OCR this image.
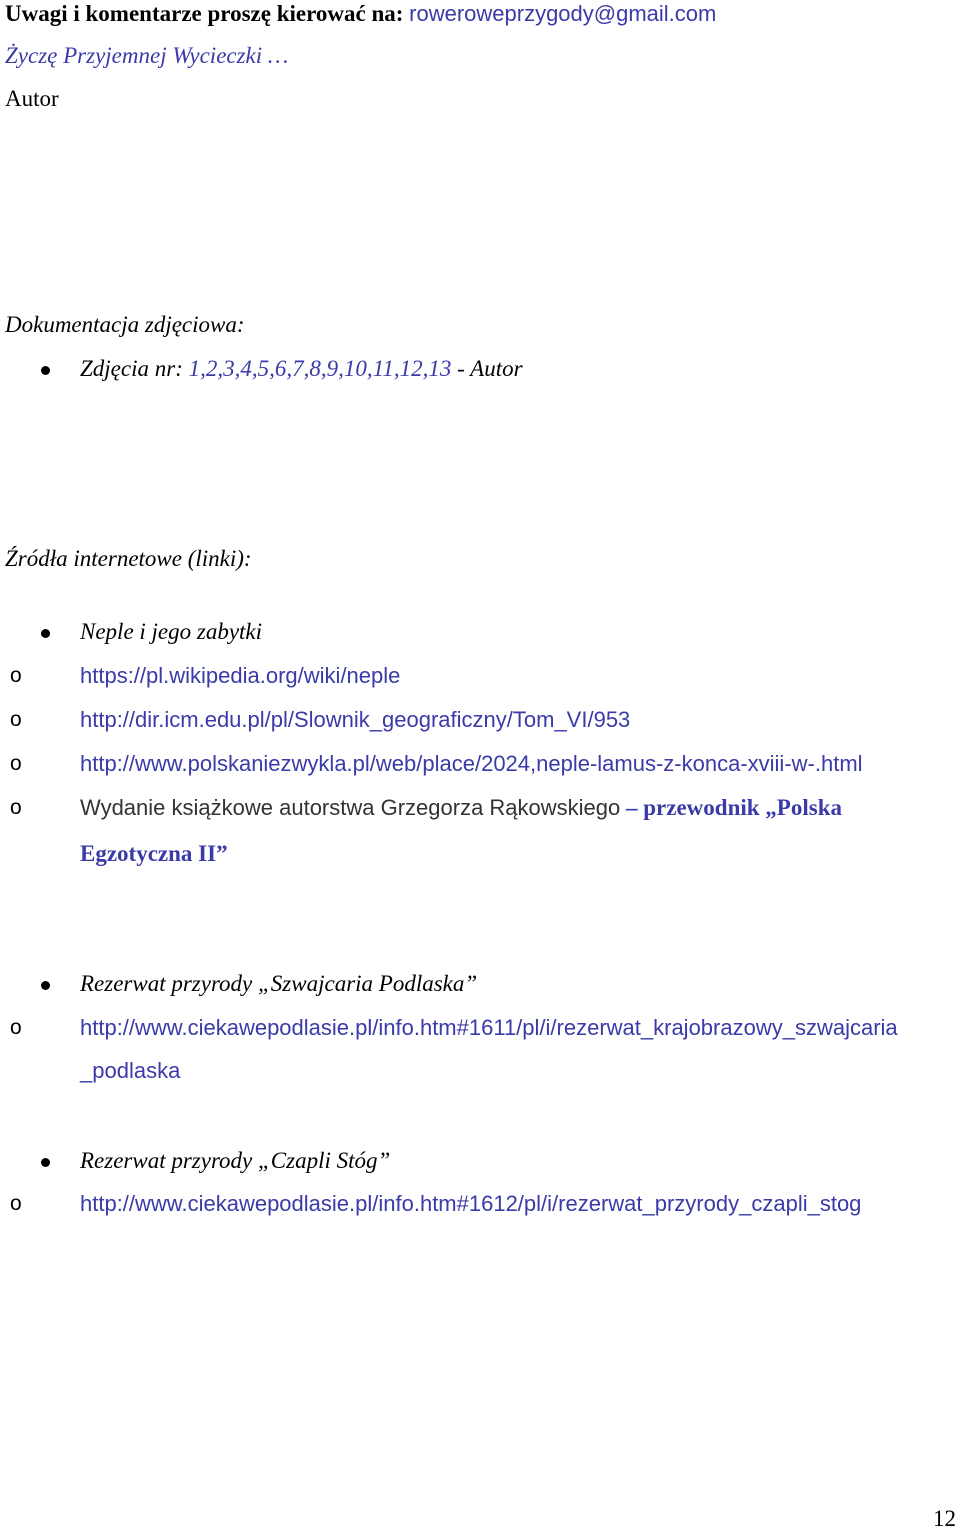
Uwagi i komentarze proszę kierować na: roweroweprzygody@gmail.com
Życzę Przyjemnej Wycieczki …
Autor
Dokumentacja zdjęciowa:
Zdjęcia nr: 1,2,3,4,5,6,7,8,9,10,11,12,13 - Autor
Źródła internetowe (linki):
Neple i jego zabytki
o	https://pl.wikipedia.org/wiki/neple
o	http://dir.icm.edu.pl/pl/Slownik_geograficzny/Tom_VI/953
o	http://www.polskaniezwykla.pl/web/place/2024,neple-lamus-z-konca-xviii-w-.html
o	Wydanie książkowe autorstwa Grzegorza Rąkowskiego – przewodnik „Polska
Egzotyczna II”
Rezerwat przyrody „Szwajcaria Podlaska”
o	http://www.ciekawepodlasie.pl/info.htm#1611/pl/i/rezerwat_krajobrazowy_szwajcaria
_podlaska
Rezerwat przyrody „Czapli Stóg”
o	http://www.ciekawepodlasie.pl/info.htm#1612/pl/i/rezerwat_przyrody_czapli_stog
12
